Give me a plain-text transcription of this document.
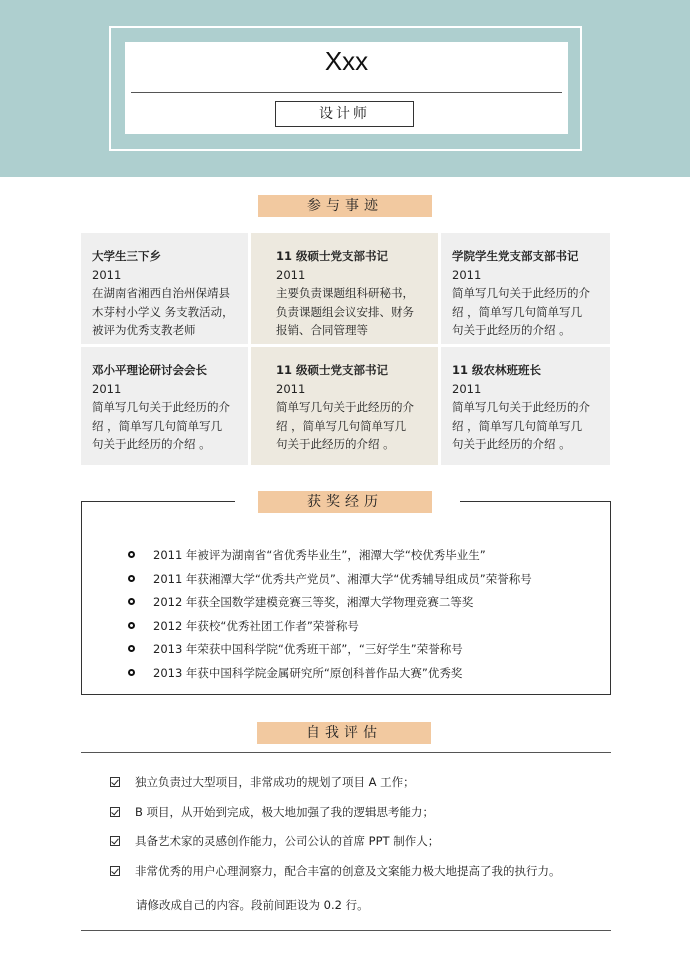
Xxx
设计师
参与事迹
大学生三下乡
2011
在湖南省湘西自治州保靖县
木芽村小学义 务支教活动，
被评为优秀支教老师
11 级硕士党支部书记
2011
主要负责课题组科研秘书，
负责课题组会议安排、财务
报销、合同管理等
学院学生党支部支部书记
2011
简单写几句关于此经历的介
绍 ，简单写几句简单写几
句关于此经历的介绍 。
邓小平理论研讨会会长
2011
简单写几句关于此经历的介
绍 ，简单写几句简单写几
句关于此经历的介绍 。
11 级硕士党支部书记
2011
简单写几句关于此经历的介
绍 ，简单写几句简单写几
句关于此经历的介绍 。
11 级农林班班长
2011
简单写几句关于此经历的介
绍 ，简单写几句简单写几
句关于此经历的介绍 。
获奖经历
2011 年被评为湖南省“省优秀毕业生”，湘潭大学“校优秀毕业生”
2011 年获湘潭大学“优秀共产党员”、湘潭大学“优秀辅导组成员”荣誉称号
2012 年获全国数学建模竞赛三等奖，湘潭大学物理竞赛二等奖
2012 年获校“优秀社团工作者”荣誉称号
2013 年荣获中国科学院“优秀班干部”，“三好学生”荣誉称号
2013 年获中国科学院金属研究所“原创科普作品大赛”优秀奖
自我评估
独立负责过大型项目，非常成功的规划了项目 A 工作；
B 项目，从开始到完成，极大地加强了我的逻辑思考能力；
具备艺术家的灵感创作能力，公司公认的首席 PPT 制作人；
非常优秀的用户心理洞察力，配合丰富的创意及文案能力极大地提高了我的执行力。
请修改成自己的内容。段前间距设为 0.2 行。
